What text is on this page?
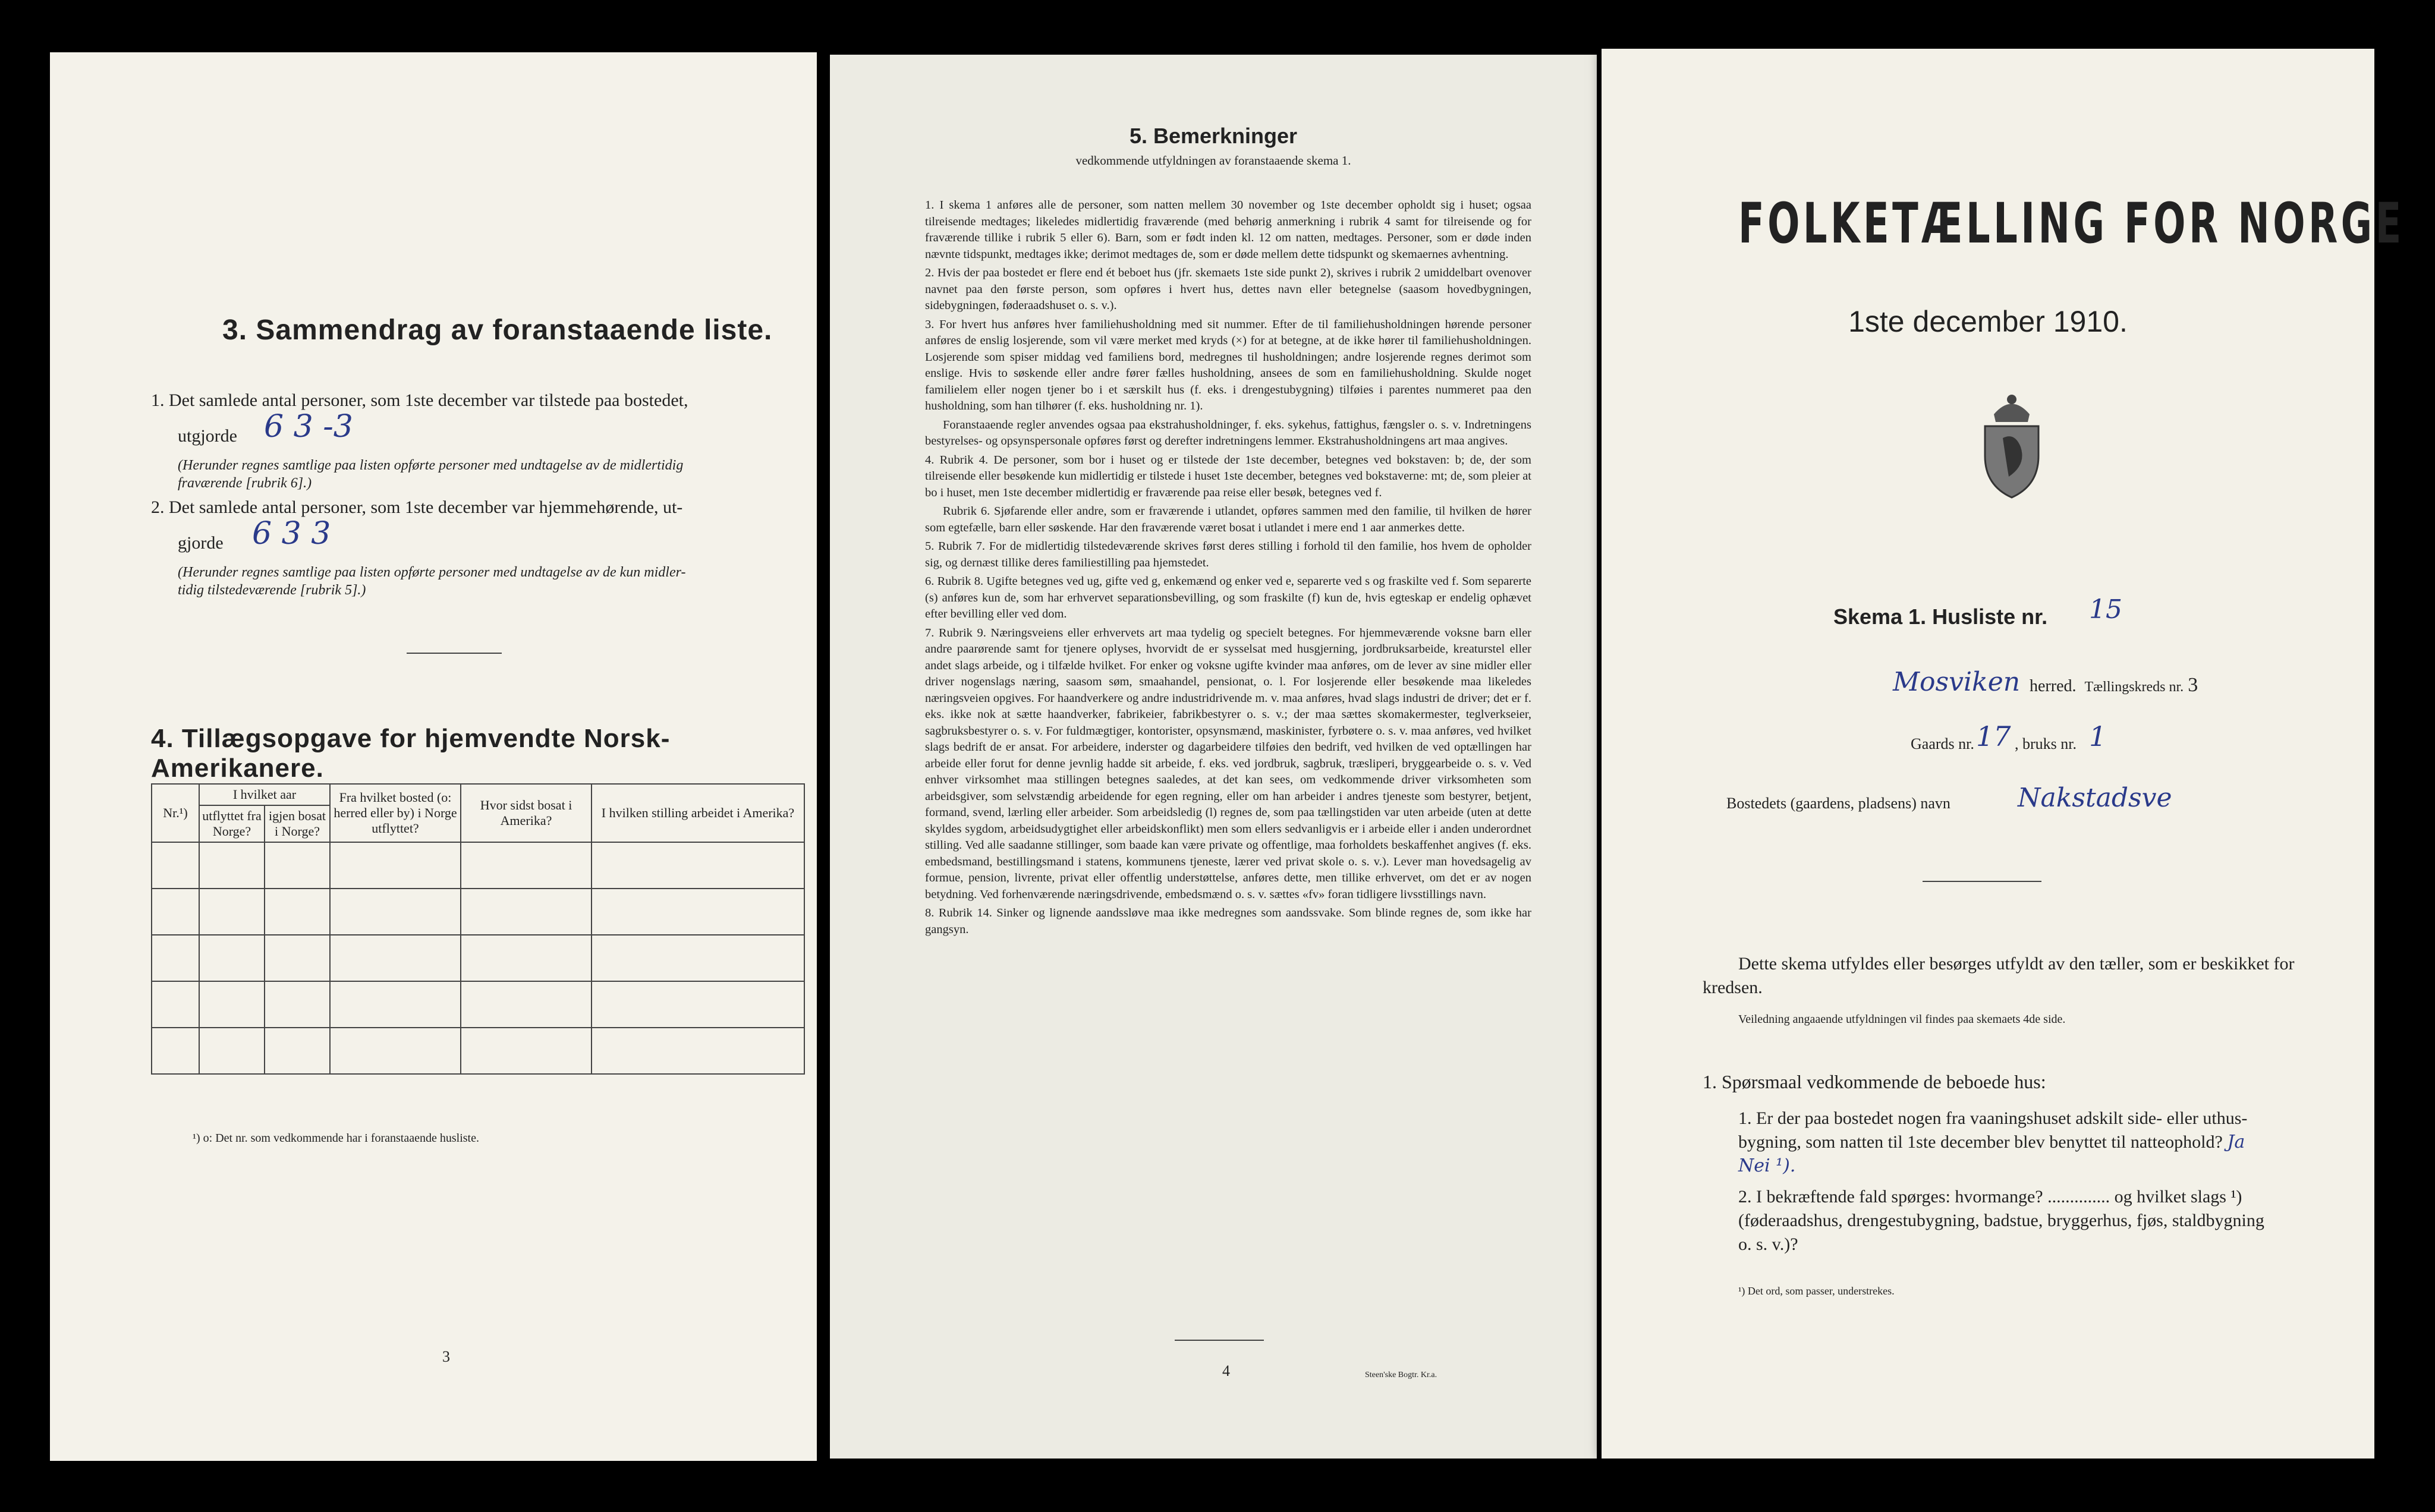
3. Sammendrag av foranstaaende liste.
1. Det samlede antal personer, som 1ste december var tilstede paa bostedet,
utgjorde 6 3 -3
(Herunder regnes samtlige paa listen opførte personer med undtagelse av de midlertidig
fraværende [rubrik 6].)
2. Det samlede antal personer, som 1ste december var hjemmehørende, ut-
gjorde 6 3 3
(Herunder regnes samtlige paa listen opførte personer med undtagelse av de kun midler-
tidig tilstedeværende [rubrik 5].)
4. Tillægsopgave for hjemvendte Norsk-Amerikanere.
Nr.¹)	I hvilket aar		Fra hvilket bosted (o: herred eller by) i Norge utflyttet?	Hvor sidst bosat i Amerika?	I hvilken stilling arbeidet i Amerika?
	utflyttet fra Norge?	igjen bosat i Norge?			

¹) o: Det nr. som vedkommende har i foranstaaende husliste.
3
5. Bemerkninger
vedkommende utfyldningen av foranstaaende skema 1.

1. I skema 1 anføres alle de personer, som natten mellem 30 november og 1ste december opholdt sig i huset; ogsaa tilreisende medtages; likeledes midlertidig fraværende (med behørig anmerkning i rubrik 4 samt for tilreisende og for fraværende tillike i rubrik 5 eller 6). Barn, som er født inden kl. 12 om natten, medtages. Personer, som er døde inden nævnte tidspunkt, medtages ikke; derimot medtages de, som er døde mellem dette tidspunkt og skemaernes avhentning.

2. Hvis der paa bostedet er flere end ét beboet hus (jfr. skemaets 1ste side punkt 2), skrives i rubrik 2 umiddelbart ovenover navnet paa den første person, som opføres i hvert hus, dettes navn eller betegnelse (saasom hovedbygningen, sidebygningen, føderaadshuset o. s. v.).

3. For hvert hus anføres hver familiehusholdning med sit nummer. Efter de til familiehusholdningen hørende personer anføres de enslig losjerende, som vil være merket med kryds (×) for at betegne, at de ikke hører til familiehusholdningen. Losjerende som spiser middag ved familiens bord, medregnes til husholdningen; andre losjerende regnes derimot som enslige. Hvis to søskende eller andre fører fælles husholdning, ansees de som en familiehusholdning. Skulde noget familielem eller nogen tjener bo i et særskilt hus (f. eks. i drengestubygning) tilføies i parentes nummeret paa den husholdning, som han tilhører (f. eks. husholdning nr. 1).

Foranstaaende regler anvendes ogsaa paa ekstrahusholdninger, f. eks. sykehus, fattighus, fængsler o. s. v. Indretningens bestyrelses- og opsynspersonale opføres først og derefter indretningens lemmer. Ekstrahusholdningens art maa angives.

4. Rubrik 4. De personer, som bor i huset og er tilstede der 1ste december, betegnes ved bokstaven: b; de, der som tilreisende eller besøkende kun midlertidig er tilstede i huset 1ste december, betegnes ved bokstaverne: mt; de, som pleier at bo i huset, men 1ste december midlertidig er fraværende paa reise eller besøk, betegnes ved f.

Rubrik 6. Sjøfarende eller andre, som er fraværende i utlandet, opføres sammen med den familie, til hvilken de hører som egtefælle, barn eller søskende. Har den fraværende været bosat i utlandet i mere end 1 aar anmerkes dette.

5. Rubrik 7. For de midlertidig tilstedeværende skrives først deres stilling i forhold til den familie, hos hvem de opholder sig, og dernæst tillike deres familiestilling paa hjemstedet.

6. Rubrik 8. Ugifte betegnes ved ug, gifte ved g, enkemænd og enker ved e, separerte ved s og fraskilte ved f. Som separerte (s) anføres kun de, som har erhvervet separationsbevilling, og som fraskilte (f) kun de, hvis egteskap er endelig ophævet efter bevilling eller ved dom.

7. Rubrik 9. Næringsveiens eller erhvervets art maa tydelig og specielt betegnes. For hjemmeværende voksne barn eller andre paarørende samt for tjenere oplyses, hvorvidt de er sysselsat med husgjerning, jordbruksarbeide, kreaturstel eller andet slags arbeide, og i tilfælde hvilket. For enker og voksne ugifte kvinder maa anføres, om de lever av sine midler eller driver nogenslags næring, saasom søm, smaahandel, pensionat, o. l. For losjerende eller besøkende maa likeledes næringsveien opgives. For haandverkere og andre industridrivende m. v. maa anføres, hvad slags industri de driver; det er f. eks. ikke nok at sætte haandverker, fabrikeier, fabrikbestyrer o. s. v.; der maa sættes skomakermester, teglverkseier, sagbruksbestyrer o. s. v. For fuldmægtiger, kontorister, opsynsmænd, maskinister, fyrbøtere o. s. v. maa anføres, ved hvilket slags bedrift de er ansat. For arbeidere, inderster og dagarbeidere tilføies den bedrift, ved hvilken de ved optællingen har arbeide eller forut for denne jevnlig hadde sit arbeide, f. eks. ved jordbruk, sagbruk, træsliperi, bryggearbeide o. s. v. Ved enhver virksomhet maa stillingen betegnes saaledes, at det kan sees, om vedkommende driver virksomheten som arbeidsgiver, som selvstændig arbeidende for egen regning, eller om han arbeider i andres tjeneste som bestyrer, betjent, formand, svend, lærling eller arbeider. Som arbeidsledig (l) regnes de, som paa tællingstiden var uten arbeide (uten at dette skyldes sygdom, arbeidsudygtighet eller arbeidskonflikt) men som ellers sedvanligvis er i arbeide eller i anden underordnet stilling. Ved alle saadanne stillinger, som baade kan være private og offentlige, maa forholdets beskaffenhet angives (f. eks. embedsmand, bestillingsmand i statens, kommunens tjeneste, lærer ved privat skole o. s. v.). Lever man hovedsagelig av formue, pension, livrente, privat eller offentlig understøttelse, anføres dette, men tillike erhvervet, om det er av nogen betydning. Ved forhenværende næringsdrivende, embedsmænd o. s. v. sættes «fv» foran tidligere livsstillings navn.

8. Rubrik 14. Sinker og lignende aandssløve maa ikke medregnes som aandssvake. Som blinde regnes de, som ikke har gangsyn.

4	Steen'ske Bogtr. Kr.a.
FOLKETÆLLING FOR NORGE
1ste december 1910.
Skema 1. Husliste nr. 15
Mosviken herred. Tællingskreds nr. 3
Gaards nr. 17 , bruks nr. 1
Bostedets (gaardens, pladsens) navn	Nakstadsve
Dette skema utfyldes eller besørges utfyldt av den tæller, som er beskikket for kredsen.
Veiledning angaaende utfyldningen vil findes paa skemaets 4de side.
1. Spørsmaal vedkommende de beboede hus:
1. Er der paa bostedet nogen fra vaaningshuset adskilt side- eller uthus-bygning, som natten til 1ste december blev benyttet til natteophold? Ja Nei ¹).
2. I bekræftende fald spørges: hvormange? .............. og hvilket slags ¹) (føderaadshus, drengestubygning, badstue, bryggerhus, fjøs, staldbygning o. s. v.)?
¹) Det ord, som passer, understrekes.
